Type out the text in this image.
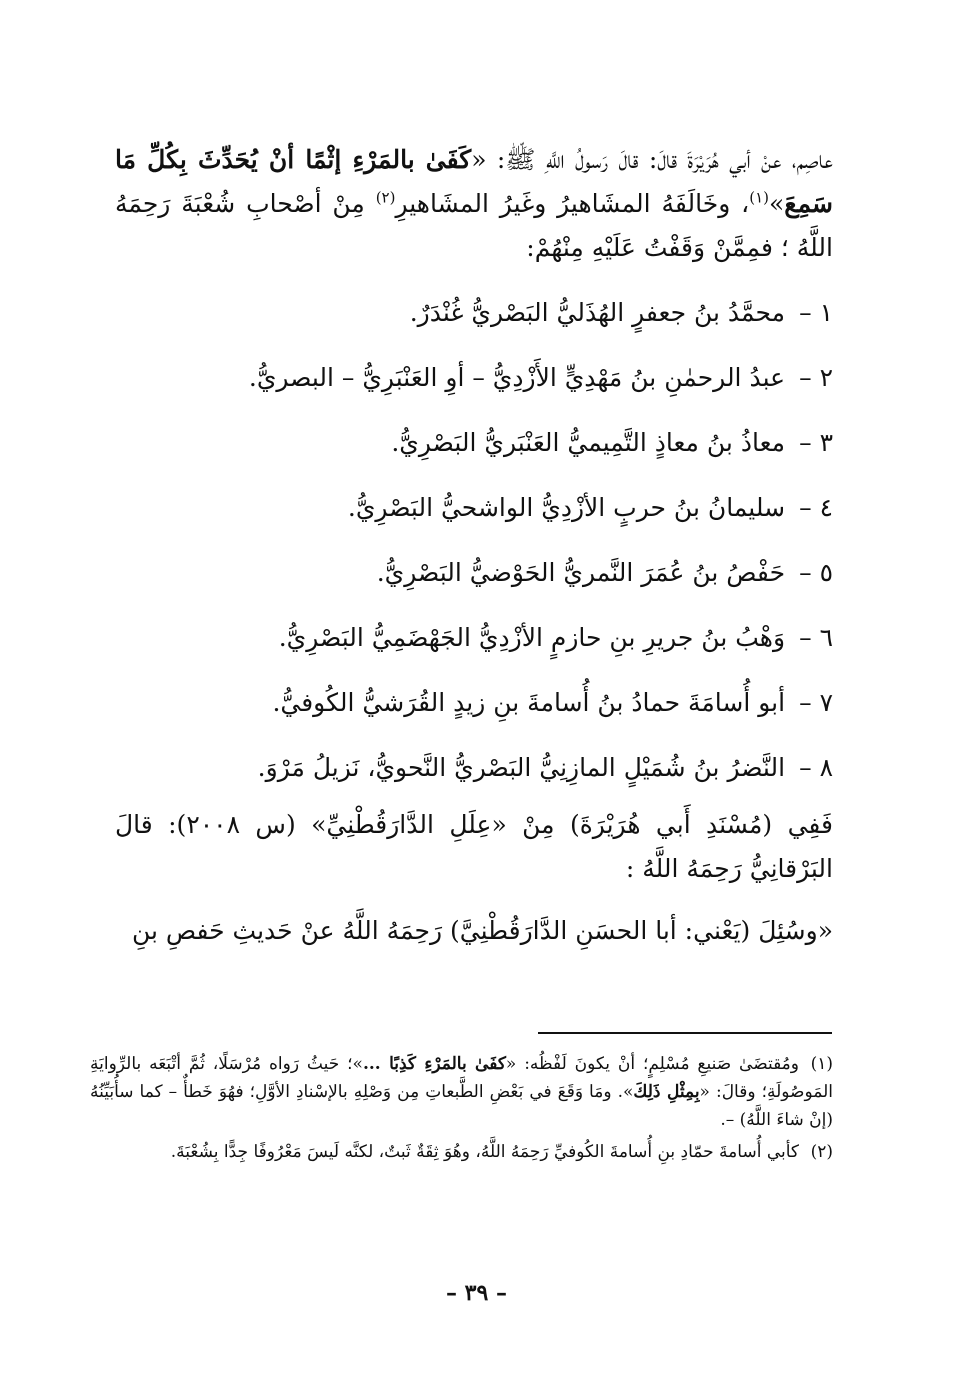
عاصِم، عنْ أبي هُرَيْرَةَ قالَ: قالَ رَسولُ اللَّهِ ﷺ: «كَفَىٰ بالمَرْءِ إثْمًا أنْ يُحَدِّثَ بِكُلِّ مَا سَمِعَ»$^{(١)}$، وخَالَفَهُ المشَاهيرُ وغَيرُ المشَاهيرِ$^{(٢)}$ مِنْ أصْحابِ شُعْبَةَ رَحِمَهُ اللَّهُ ؛ فمِمَّنْ وَقَفْتُ عَلَيْهِ مِنْهُمْ:

١ – محمَّدُ بنُ جعفرٍ الهُذَليُّ البَصْريُّ غُنْدَرٌ.
٢ – عبدُ الرحمٰنِ بنُ مَهْدِيٍّ الأَزْدِيُّ – أوِ العَنْبَرِيُّ – البصريُّ.
٣ – معاذُ بنُ معاذٍ التَّمِيميُّ العَنْبَريُّ البَصْرِيُّ.
٤ – سليمانُ بنُ حربٍ الأزْدِيُّ الواشحيُّ البَصْرِيُّ.
٥ – حَفْصُ بنُ عُمَرَ النَّمريُّ الحَوْضيُّ البَصْرِيُّ.
٦ – وَهْبُ بنُ جريرِ بنِ حازمٍ الأزْدِيُّ الجَهْضَمِيُّ البَصْرِيُّ.
٧ – أبو أُسامَةَ حمادُ بنُ أُسامةَ بنِ زيدٍ القُرَشيُّ الكُوفيُّ.
٨ – النَّضرُ بنُ شُمَيْلٍ المازِنِيُّ البَصْريُّ النَّحويُّ، نَزيلُ مَرْوَ.

فَفِي (مُسْنَدِ أَبي هُرَيْرَةَ) مِنْ «عِلَلِ الدَّارَقُطْنِيِّ» (س ٢٠٠٨): قالَ البَرْقانِيُّ رَحِمَهُ اللَّهُ :

«وسُئِلَ (يَعْني: أبا الحسَنِ الدَّارَقُطْنِيَّ) رَحِمَهُ اللَّهُ عنْ حَديثِ حَفصِ بنِ

(١)ومُقتضَىٰ صَنيعِ مُسْلِمٍ؛ أنْ يكونَ لَفْظُه: «كفَىٰ بالمَرْءِ كَذِبًا ...»؛ حَيثُ رَواه مُرْسَلًا، ثُمَّ أتْبَعَه بالرِّوايَةِ المَوصُولَةِ؛ وقالَ: «بِمِثْلِ ذَلِكَ». ومَا وَقَعَ في بَعْضِ الطَّبعاتِ مِن وَصْلِهِ بالإسْنادِ الأوَّلِ؛ فهُوَ خَطأٌ – كما سأُبَيِّنُهُ (إنْ شاءَ اللَّهُ) –.

(٢)كأبي أُسامةَ حمّادِ بنِ أُسامةَ الكُوفيِّ رَحِمَهُ اللَّهُ، وهُوَ ثِقَةٌ ثَبتٌ، لكنَّه لَيسَ مَعْرُوفًا جِدًّا بِشُعْبَةَ.

– ٣٩ –
